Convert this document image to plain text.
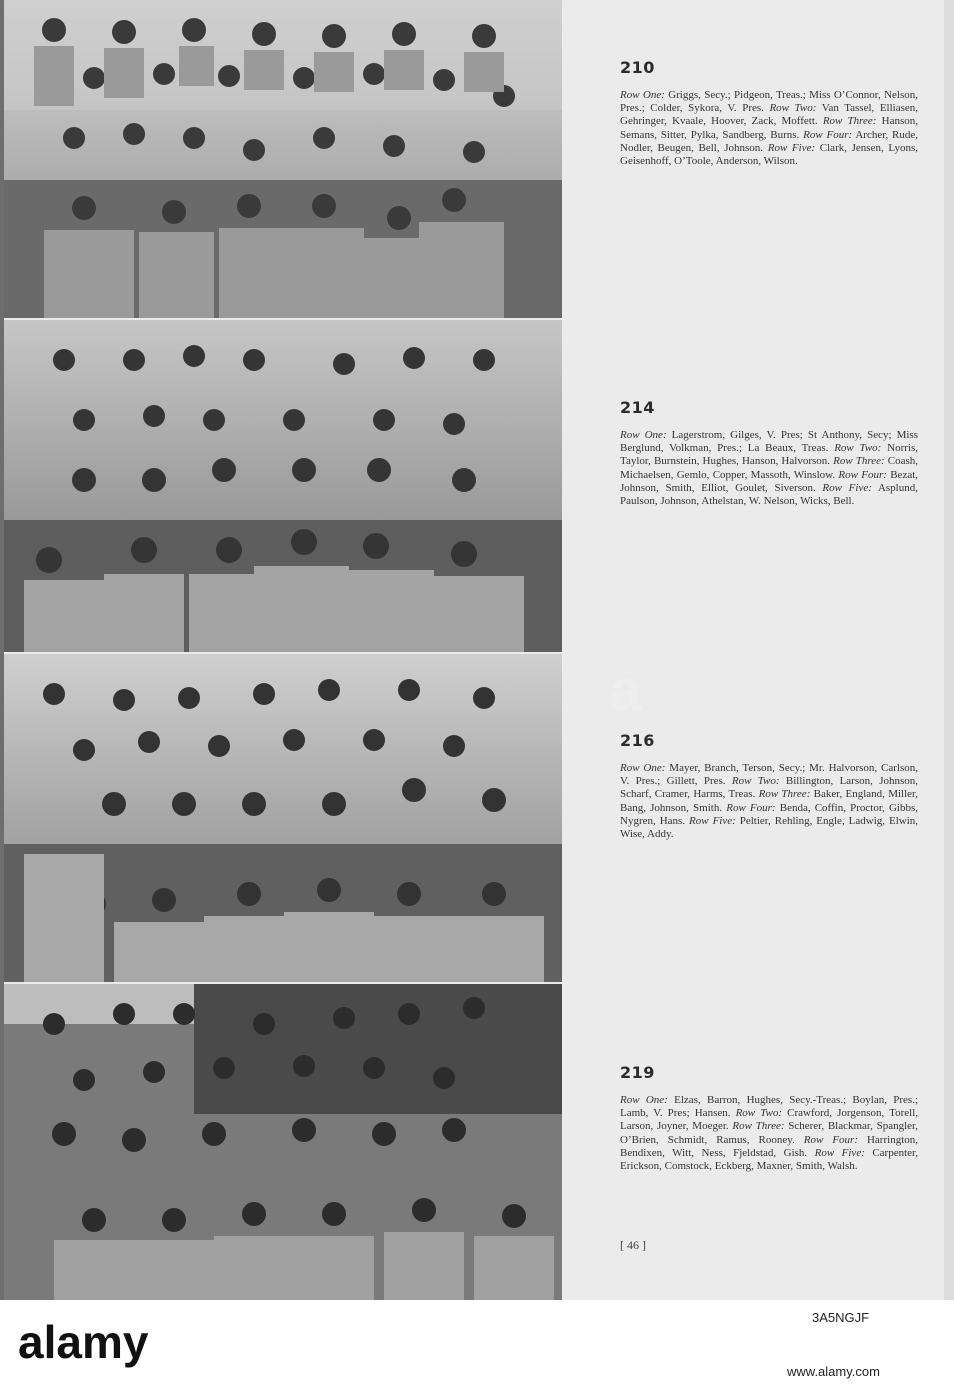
210
Row One: Griggs, Secy.; Pidgeon, Treas.; Miss O’Connor, Nelson, Pres.; Colder, Sykora, V. Pres. Row Two: Van Tassel, Elliasen, Gehringer, Kvaale, Hoover, Zack, Moffett. Row Three: Hanson, Semans, Sitter, Pylka, Sandberg, Burns. Row Four: Archer, Rude, Nodler, Beugen, Bell, Johnson. Row Five: Clark, Jensen, Lyons, Geisenhoff, O’Toole, Anderson, Wilson.
214
Row One: Lagerstrom, Gilges, V. Pres; St Anthony, Secy; Miss Berglund, Volkman, Pres.; La Beaux, Treas. Row Two: Norris, Taylor, Burnstein, Hughes, Hanson, Halvorson. Row Three: Coash, Michaelsen, Gemlo, Copper, Massoth, Winslow. Row Four: Bezat, Johnson, Smith, Elliot, Goulet, Siverson. Row Five: Asplund, Paulson, Johnson, Athelstan, W. Nelson, Wicks, Bell.
216
Row One: Mayer, Branch, Terson, Secy.; Mr. Halvorson, Carlson, V. Pres.; Gillett, Pres. Row Two: Billington, Larson, Johnson, Scharf, Cramer, Harms, Treas. Row Three: Baker, England, Miller, Bang, Johnson, Smith. Row Four: Benda, Coffin, Proctor, Gibbs, Nygren, Hans. Row Five: Peltier, Rehling, Engle, Ladwig, Elwin, Wise, Addy.
219
Row One: Elzas, Barron, Hughes, Secy.-Treas.; Boylan, Pres.; Lamb, V. Pres; Hansen. Row Two: Crawford, Jorgenson, Torell, Larson, Joyner, Moeger. Row Three: Scherer, Blackmar, Spangler, O’Brien, Schmidt, Ramus, Rooney. Row Four: Harrington, Bendixen, Witt, Ness, Fjeldstad, Gish. Row Five: Carpenter, Erickson, Comstock, Eckberg, Maxner, Smith, Walsh.
[ 46 ]
a
alamy	3A5NGJF
www.alamy.com
